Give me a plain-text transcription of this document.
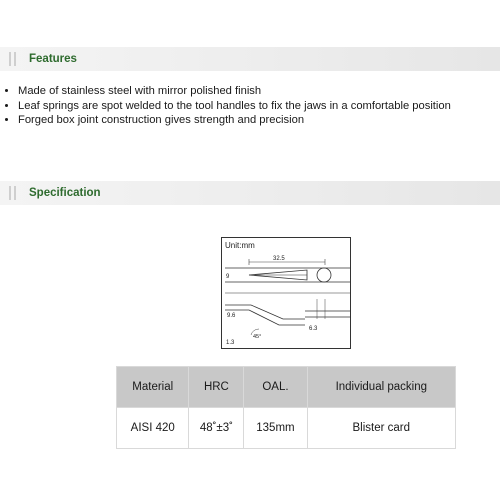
Features
• Made of stainless steel with mirror polished finish
• Leaf springs are spot welded to the tool handles to fix the jaws in a comfortable position
• Forged box joint construction gives strength and precision
Specification
Unit:mm
32.5
9
9.6
6.3
45°
1.3
Material	HRC	OAL.	Individual packing
AISI 420	48˚±3˚	135mm	Blister card
